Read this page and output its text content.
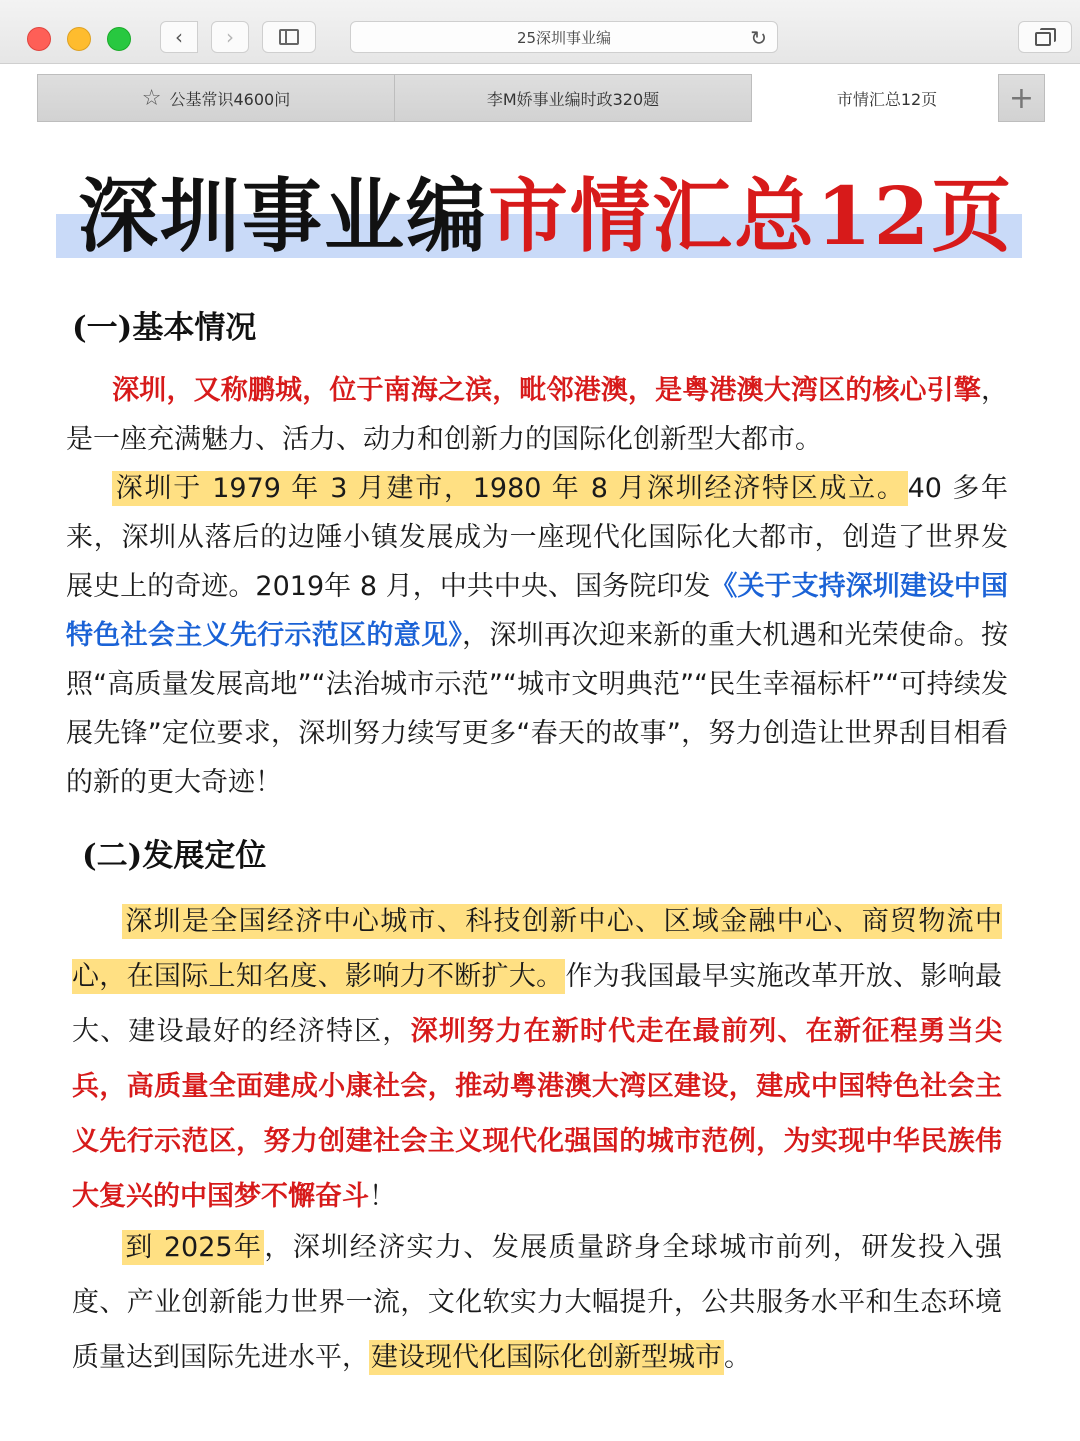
‹ ›	25深圳事业编	↻
☆ 公基常识4600问	李M娇事业编时政320题	市情汇总12页 +
深圳事业编市情汇总12页
(一)基本情况

深圳，又称鹏城，位于南海之滨，毗邻港澳，是粤港澳大湾区的核心引擎，是一座充满魅力、活力、动力和创新力的国际化创新型大都市。

深圳于 1979 年 3 月建市，1980 年 8 月深圳经济特区成立。40 多年来，深圳从落后的边陲小镇发展成为一座现代化国际化大都市，创造了世界发展史上的奇迹。2019年 8 月，中共中央、国务院印发《关于支持深圳建设中国特色社会主义先行示范区的意见》，深圳再次迎来新的重大机遇和光荣使命。按照“高质量发展高地”“法治城市示范”“城市文明典范”“民生幸福标杆”“可持续发展先锋”定位要求，深圳努力续写更多“春天的故事”，努力创造让世界刮目相看的新的更大奇迹！

(二)发展定位

深圳是全国经济中心城市、科技创新中心、区域金融中心、商贸物流中心，在国际上知名度、影响力不断扩大。作为我国最早实施改革开放、影响最大、建设最好的经济特区，深圳努力在新时代走在最前列、在新征程勇当尖兵，高质量全面建成小康社会，推动粤港澳大湾区建设，建成中国特色社会主义先行示范区，努力创建社会主义现代化强国的城市范例，为实现中华民族伟大复兴的中国梦不懈奋斗！

到 2025年，深圳经济实力、发展质量跻身全球城市前列，研发投入强度、产业创新能力世界一流，文化软实力大幅提升，公共服务水平和生态环境质量达到国际先进水平，建设现代化国际化创新型城市。
